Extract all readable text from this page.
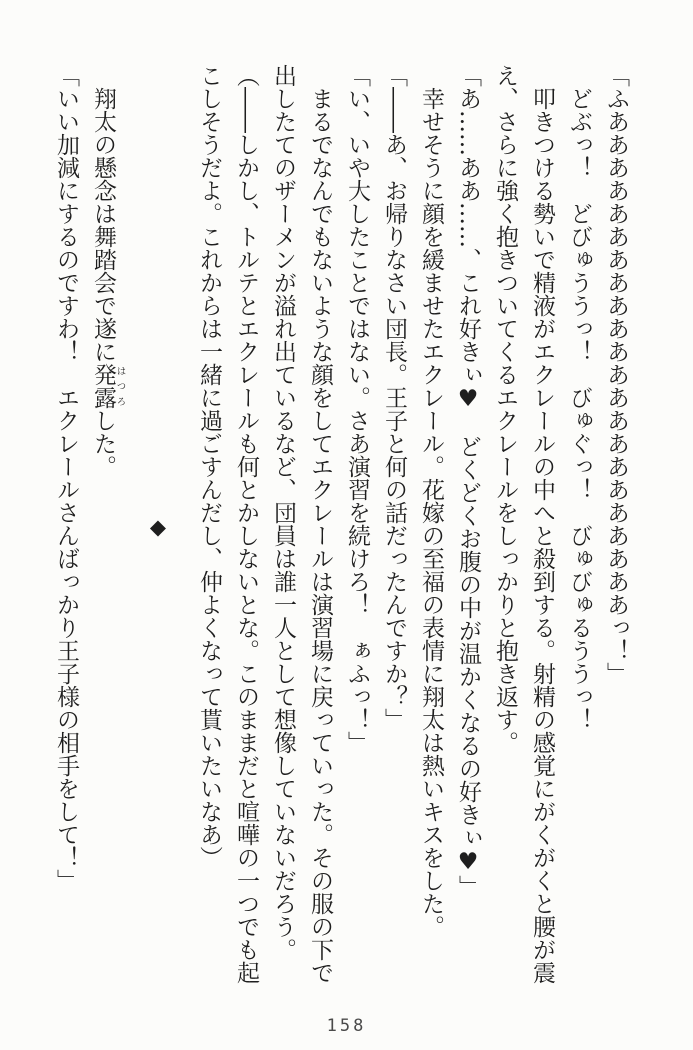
「ふああああああああああああああああああああああっ！」

　どぶっ！　どびゅううっ！　びゅぐっ！　びゅびゅるううっ！

　叩きつける勢いで精液がエクレールの中へと殺到する。射精の感覚にがくがくと腰が震え、さらに強く抱きついてくるエクレールをしっかりと抱き返す。

「あ……ああ……、これ好きぃ♥　どくどくお腹の中が温かくなるの好きぃ♥」

　幸せそうに顔を緩ませたエクレール。花嫁の至福の表情に翔太は熱いキスをした。

「――あ、お帰りなさい団長。王子と何の話だったんですか？」

「い、いや大したことではない。さあ演習を続けろ！　ぁふっ！」

　まるでなんでもないような顔をしてエクレールは演習場に戻っていった。その服の下で出したてのザーメンが溢れ出ているなど、団員は誰一人として想像していないだろう。

（――しかし、トルテとエクレールも何とかしないとな。このままだと喧嘩の一つでも起こしそうだよ。これからは一緒に過ごすんだし、仲よくなって貰いたいなあ）

◆

　翔太の懸念は舞踏会で遂に発露はつろした。

「いい加減にするのですわ！　エクレールさんばっかり王子様の相手をして！」

158
